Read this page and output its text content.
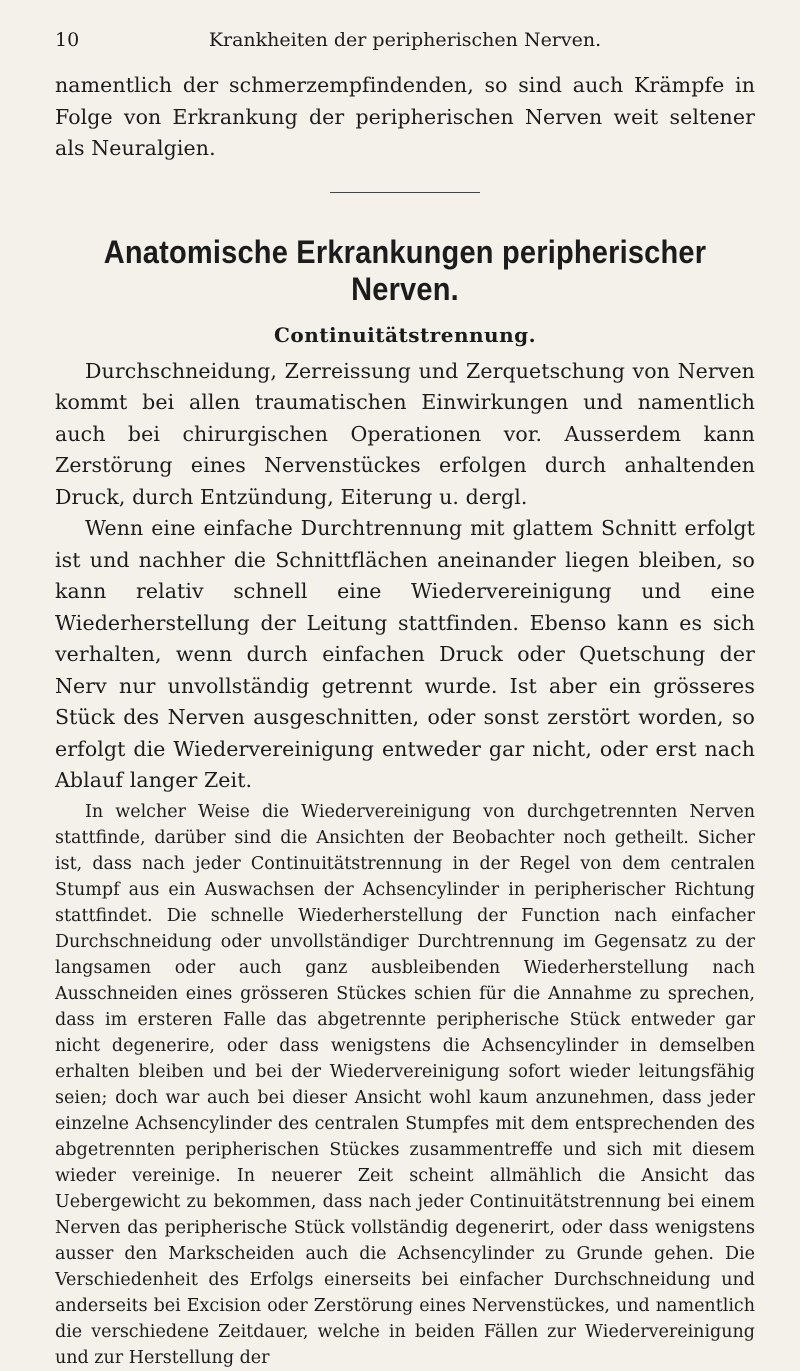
10	Krankheiten der peripherischen Nerven.

namentlich der schmerzempfindenden, so sind auch Krämpfe in Folge von Erkrankung der peripherischen Nerven weit seltener als Neuralgien.

Anatomische Erkrankungen peripherischer Nerven.
Continuitätstrennung.

Durchschneidung, Zerreissung und Zerquetschung von Nerven kommt bei allen traumatischen Einwirkungen und namentlich auch bei chirurgischen Operationen vor. Ausserdem kann Zerstörung eines Nervenstückes erfolgen durch anhaltenden Druck, durch Entzündung, Eiterung u. dergl.

Wenn eine einfache Durchtrennung mit glattem Schnitt erfolgt ist und nachher die Schnittflächen aneinander liegen bleiben, so kann relativ schnell eine Wiedervereinigung und eine Wiederherstellung der Leitung stattfinden. Ebenso kann es sich verhalten, wenn durch einfachen Druck oder Quetschung der Nerv nur unvollständig getrennt wurde. Ist aber ein grösseres Stück des Nerven ausgeschnitten, oder sonst zerstört worden, so erfolgt die Wiedervereinigung entweder gar nicht, oder erst nach Ablauf langer Zeit.

In welcher Weise die Wiedervereinigung von durchgetrennten Nerven stattfinde, darüber sind die Ansichten der Beobachter noch getheilt. Sicher ist, dass nach jeder Continuitätstrennung in der Regel von dem centralen Stumpf aus ein Auswachsen der Achsencylinder in peripherischer Richtung stattfindet. Die schnelle Wiederherstellung der Function nach einfacher Durchschneidung oder unvollständiger Durchtrennung im Gegensatz zu der langsamen oder auch ganz ausbleibenden Wiederherstellung nach Ausschneiden eines grösseren Stückes schien für die Annahme zu sprechen, dass im ersteren Falle das abgetrennte peripherische Stück entweder gar nicht degenerire, oder dass wenigstens die Achsencylinder in demselben erhalten bleiben und bei der Wiedervereinigung sofort wieder leitungsfähig seien; doch war auch bei dieser Ansicht wohl kaum anzunehmen, dass jeder einzelne Achsencylinder des centralen Stumpfes mit dem entsprechenden des abgetrennten peripherischen Stückes zusammentreffe und sich mit diesem wieder vereinige. In neuerer Zeit scheint allmählich die Ansicht das Uebergewicht zu bekommen, dass nach jeder Continuitätstrennung bei einem Nerven das peripherische Stück vollständig degenerirt, oder dass wenigstens ausser den Markscheiden auch die Achsencylinder zu Grunde gehen. Die Verschiedenheit des Erfolgs einerseits bei einfacher Durchschneidung und anderseits bei Excision oder Zerstörung eines Nervenstückes, und namentlich die verschiedene Zeitdauer, welche in beiden Fällen zur Wiedervereinigung und zur Herstellung der
